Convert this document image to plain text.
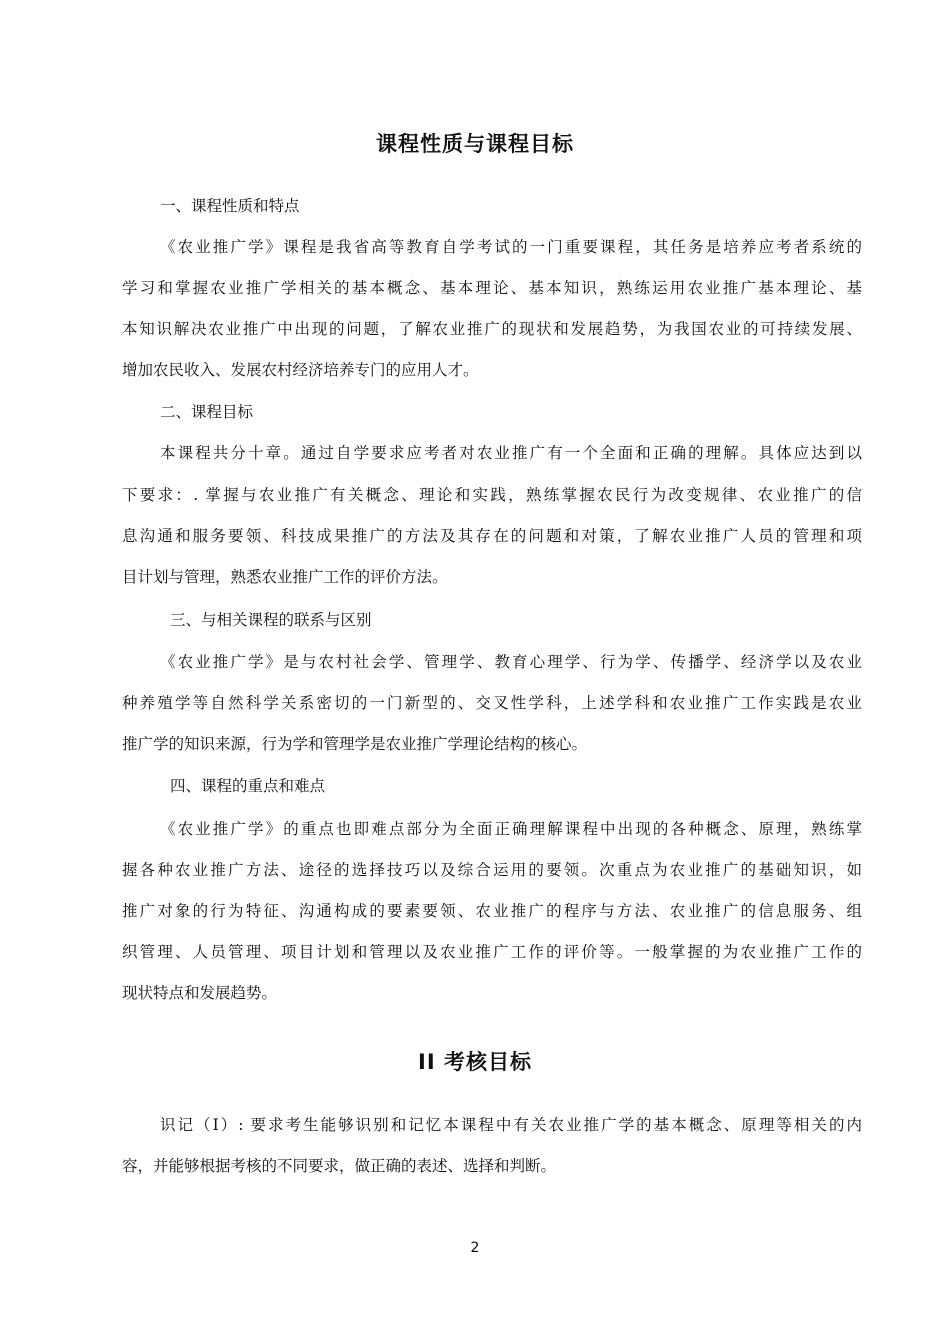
课程性质与课程目标

一、课程性质和特点

《农业推广学》课程是我省高等教育自学考试的一门重要课程，其任务是培养应考者系统的

学习和掌握农业推广学相关的基本概念、基本理论、基本知识，熟练运用农业推广基本理论、基

本知识解决农业推广中出现的问题，了解农业推广的现状和发展趋势，为我国农业的可持续发展、

增加农民收入、发展农村经济培养专门的应用人才。

二、课程目标

本课程共分十章。通过自学要求应考者对农业推广有一个全面和正确的理解。具体应达到以

下要求：. 掌握与农业推广有关概念、理论和实践，熟练掌握农民行为改变规律、农业推广的信

息沟通和服务要领、科技成果推广的方法及其存在的问题和对策，了解农业推广人员的管理和项

目计划与管理，熟悉农业推广工作的评价方法。

三、与相关课程的联系与区别

《农业推广学》是与农村社会学、管理学、教育心理学、行为学、传播学、经济学以及农业

种养殖学等自然科学关系密切的一门新型的、交叉性学科，上述学科和农业推广工作实践是农业

推广学的知识来源，行为学和管理学是农业推广学理论结构的核心。

四、课程的重点和难点

《农业推广学》的重点也即难点部分为全面正确理解课程中出现的各种概念、原理，熟练掌

握各种农业推广方法、途径的选择技巧以及综合运用的要领。次重点为农业推广的基础知识，如

推广对象的行为特征、沟通构成的要素要领、农业推广的程序与方法、农业推广的信息服务、组

织管理、人员管理、项目计划和管理以及农业推广工作的评价等。一般掌握的为农业推广工作的

现状特点和发展趋势。

II 考核目标

识记（I）: 要求考生能够识别和记忆本课程中有关农业推广学的基本概念、原理等相关的内

容，并能够根据考核的不同要求，做正确的表述、选择和判断。

2
